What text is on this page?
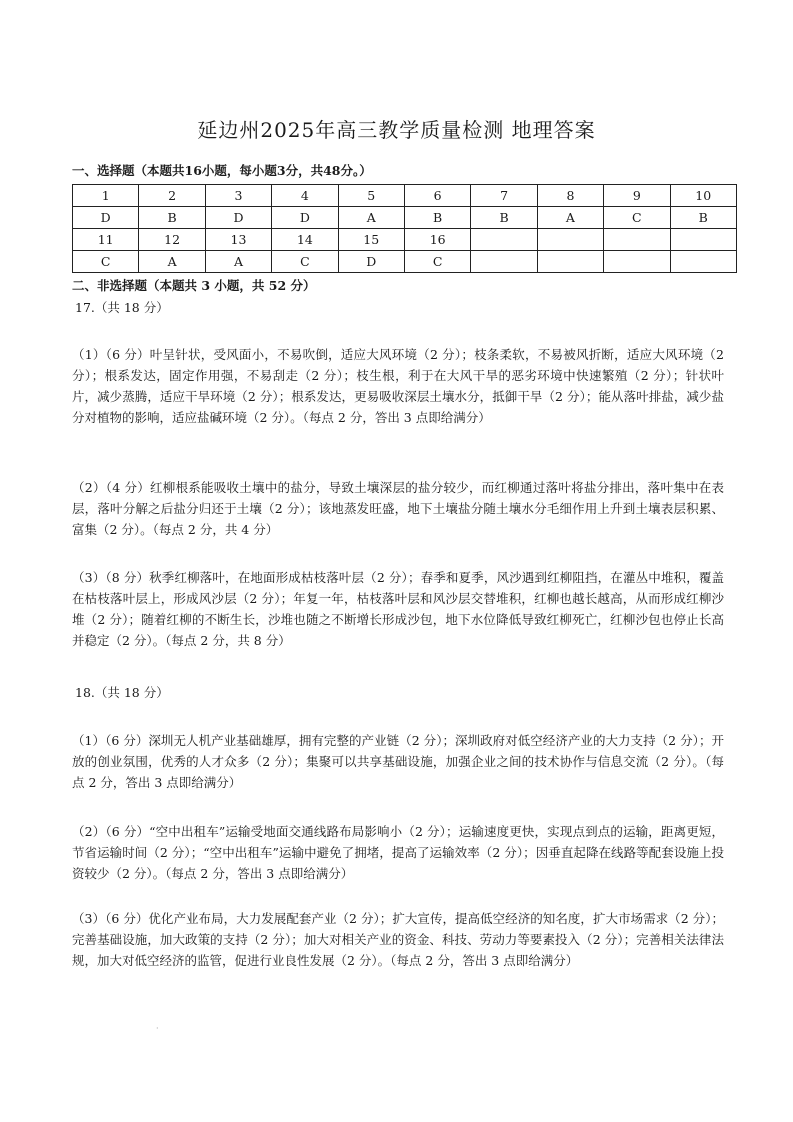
延边州2025年高三教学质量检测 地理答案
一、选择题（本题共16小题，每小题3分，共48分。）
1	2	3	4	5	6	7	8	9	10
D	B	D	D	A	B	B	A	C	B
11	12	13	14	15	16				
C	A	A	C	D	C				
二、非选择题（本题共 3 小题，共 52 分）
17.（共 18 分）
（1）（6 分）叶呈针状，受风面小，不易吹倒，适应大风环境（2 分）；枝条柔软，不易被风折断，适应大风环境（2 分）；根系发达，固定作用强，不易刮走（2 分）；枝生根，利于在大风干旱的恶劣环境中快速繁殖（2 分）；针状叶片，减少蒸腾，适应干旱环境（2 分）；根系发达，更易吸收深层土壤水分，抵御干旱（2 分）；能从落叶排盐，减少盐分对植物的影响，适应盐碱环境（2 分）。（每点 2 分，答出 3 点即给满分）
（2）（4 分）红柳根系能吸收土壤中的盐分，导致土壤深层的盐分较少，而红柳通过落叶将盐分排出，落叶集中在表层，落叶分解之后盐分归还于土壤（2 分）；该地蒸发旺盛，地下土壤盐分随土壤水分毛细作用上升到土壤表层积累、富集（2 分）。（每点 2 分，共 4 分）
（3）（8 分）秋季红柳落叶，在地面形成枯枝落叶层（2 分）；春季和夏季，风沙遇到红柳阻挡，在灌丛中堆积，覆盖在枯枝落叶层上，形成风沙层（2 分）；年复一年，枯枝落叶层和风沙层交替堆积，红柳也越长越高，从而形成红柳沙堆（2 分）；随着红柳的不断生长，沙堆也随之不断增长形成沙包，地下水位降低导致红柳死亡，红柳沙包也停止长高并稳定（2 分）。（每点 2 分，共 8 分）
18.（共 18 分）
（1）（6 分）深圳无人机产业基础雄厚，拥有完整的产业链（2 分）；深圳政府对低空经济产业的大力支持（2 分）；开放的创业氛围，优秀的人才众多（2 分）；集聚可以共享基础设施，加强企业之间的技术协作与信息交流（2 分）。（每点 2 分，答出 3 点即给满分）
（2）（6 分）“空中出租车”运输受地面交通线路布局影响小（2 分）；运输速度更快，实现点到点的运输，距离更短，节省运输时间（2 分）；“空中出租车”运输中避免了拥堵，提高了运输效率（2 分）；因垂直起降在线路等配套设施上投资较少（2 分）。（每点 2 分，答出 3 点即给满分）
（3）（6 分）优化产业布局，大力发展配套产业（2 分）；扩大宣传，提高低空经济的知名度，扩大市场需求（2 分）；完善基础设施，加大政策的支持（2 分）；加大对相关产业的资金、科技、劳动力等要素投入（2 分）；完善相关法律法规，加大对低空经济的监管，促进行业良性发展（2 分）。（每点 2 分，答出 3 点即给满分）
·
